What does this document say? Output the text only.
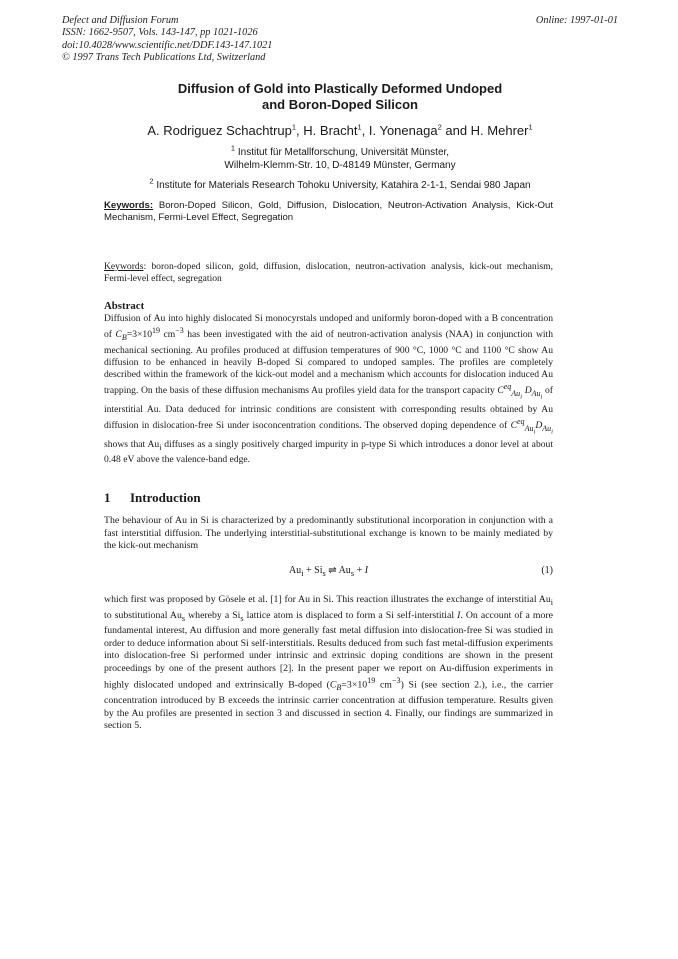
Defect and Diffusion Forum
ISSN: 1662-9507, Vols. 143-147, pp 1021-1026
doi:10.4028/www.scientific.net/DDF.143-147.1021
© 1997 Trans Tech Publications Ltd, Switzerland
Online: 1997-01-01
Diffusion of Gold into Plastically Deformed Undoped
and Boron-Doped Silicon
A. Rodriguez Schachtrup$^1$, H. Bracht$^1$, I. Yonenaga$^2$ and H. Mehrer$^1$
$^1$ Institut für Metallforschung, Universität Münster,
Wilhelm-Klemm-Str. 10, D-48149 Münster, Germany
$^2$ Institute for Materials Research Tohoku University, Katahira 2-1-1, Sendai 980 Japan
Keywords: Boron-Doped Silicon, Gold, Diffusion, Dislocation, Neutron-Activation Analysis, Kick-Out Mechanism, Fermi-Level Effect, Segregation
Keywords: boron-doped silicon, gold, diffusion, dislocation, neutron-activation analysis, kick-out mechanism, Fermi-level effect, segregation
Abstract

Diffusion of Au into highly dislocated Si monocyrstals undoped and uniformly boron-doped with a B concentration of $C_B=3\times 10^{19}$ $cm^{-3}$ has been investigated with the aid of neutron-activation analysis (NAA) in conjunction with mechanical sectioning. Au profiles produced at diffusion temperatures of 900 °C, 1000 °C and 1100 °C show Au diffusion to be enhanced in heavily B-doped Si compared to undoped samples. The profiles are completely described within the framework of the kick-out model and a mechanism which accounts for dislocation induced Au trapping. On the basis of these diffusion mechanisms Au profiles yield data for the transport capacity $C^{eq}_{Au_i}$ $D_{Au_i}$ of interstitial Au. Data deduced for intrinsic conditions are consistent with corresponding results obtained by Au diffusion in dislocation-free Si under isoconcentration conditions. The observed doping dependence of $C^{eq}_{Au_i}D_{Au_i}$ shows that $Au_i$ diffuses as a singly positively charged impurity in p-type Si which introduces a donor level at about 0.48 eV above the valence-band edge.

1 Introduction

The behaviour of Au in Si is characterized by a predominantly substitutional incorporation in conjunction with a fast interstitial diffusion. The underlying interstitial-substitutional exchange is known to be mainly mediated by the kick-out mechanism

$Au_i + Si_s$ ⇌ $Au_s + I$	(1)

which first was proposed by Gösele et al. [1] for Au in Si. This reaction illustrates the exchange of interstitial $Au_i$ to substitutional $Au_s$ whereby a $Si_s$ lattice atom is displaced to form a Si self-interstitial I. On account of a more fundamental interest, Au diffusion and more generally fast metal diffusion into dislocation-free Si was studied in order to deduce information about Si self-interstitials. Results deduced from such fast metal-diffusion experiments into dislocation-free Si performed under intrinsic and extrinsic doping conditions are shown in the present proceedings by one of the present authors [2]. In the present paper we report on Au-diffusion experiments in highly dislocated undoped and extrinsically B-doped ($C_B=3\times 10^{19}$ $cm^{-3}$) Si (see section 2.), i.e., the carrier concentration introduced by B exceeds the intrinsic carrier concentration at diffusion temperature. Results given by the Au profiles are presented in section 3 and discussed in section 4. Finally, our findings are summarized in section 5.
